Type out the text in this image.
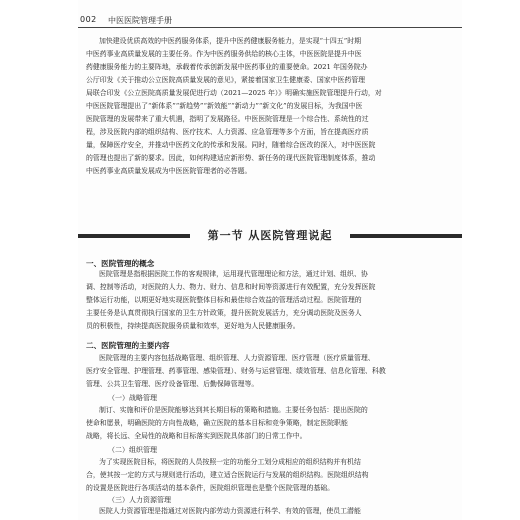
002 中医医院管理手册
加快建设优质高效的中医药服务体系，提升中医药健康服务能力，是实现“十四五”时期
中医药事业高质量发展的主要任务。作为中医药服务供给的核心主体，中医医院是提升中医
药健康服务能力的主要阵地，承载着传承创新发展中医药事业的重要使命。2021 年国务院办
公厅印发《关于推动公立医院高质量发展的意见》，紧接着国家卫生健康委、国家中医药管理
局联合印发《公立医院高质量发展促进行动（2021—2025 年）》明确实施医院管理提升行动，对
中医医院管理提出了“新体系”“新趋势”“新效能”“新动力”“新文化”的发展目标，为我国中医
医院管理的发展带来了重大机遇，指明了发展路径。中医医院管理是一个综合性、系统性的过
程，涉及医院内部的组织结构、医疗技术、人力资源、应急管理等多个方面，旨在提高医疗质
量，保障医疗安全，并推动中医药文化的传承和发展。同时，随着综合医改的深入，对中医医院
的管理也提出了新的要求。因此，如何构建适应新形势、新任务的现代医院管理制度体系，推动
中医药事业高质量发展成为中医医院管理者的必答题。
第一节 从医院管理说起
一、医院管理的概念
医院管理是指根据医院工作的客观规律，运用现代管理理论和方法，通过计划、组织、协
调、控制等活动，对医院的人力、物力、财力、信息和时间等资源进行有效配置，充分发挥医院
整体运行功能，以期更好地实现医院整体目标和最佳综合效益的管理活动过程。医院管理的
主要任务是认真贯彻执行国家的卫生方针政策，提升医院发展活力，充分调动医院及医务人
员的积极性，持续提高医院服务质量和效率，更好地为人民健康服务。
二、医院管理的主要内容
医院管理的主要内容包括战略管理、组织管理、人力资源管理、医疗管理（医疗质量管理、
医疗安全管理、护理管理、药事管理、感染管理）、财务与运营管理、绩效管理、信息化管理、科教
管理、公共卫生管理、医疗设备管理、后勤保障管理等。
（一）战略管理
制订、实施和评价是医院能够达到其长期目标的策略和措施。主要任务包括：提出医院的
使命和愿景，明确医院的方向性战略，确立医院的基本目标和竞争策略，制定医院职能
战略，将长远、全局性的战略和目标落实到医院具体部门的日常工作中。
（二）组织管理
为了实现医院目标，将医院的人员按照一定的功能分工划分成相应的组织结构并有机结
合，使其按一定的方式与规则进行活动，建立适合医院运行与发展的组织结构。医院组织结构
的设置是医院进行各项活动的基本条件，医院组织管理也是整个医院管理的基础。
（三）人力资源管理
医院人力资源管理是指通过对医院内部劳动力资源进行科学、有效的管理，使员工潜能
